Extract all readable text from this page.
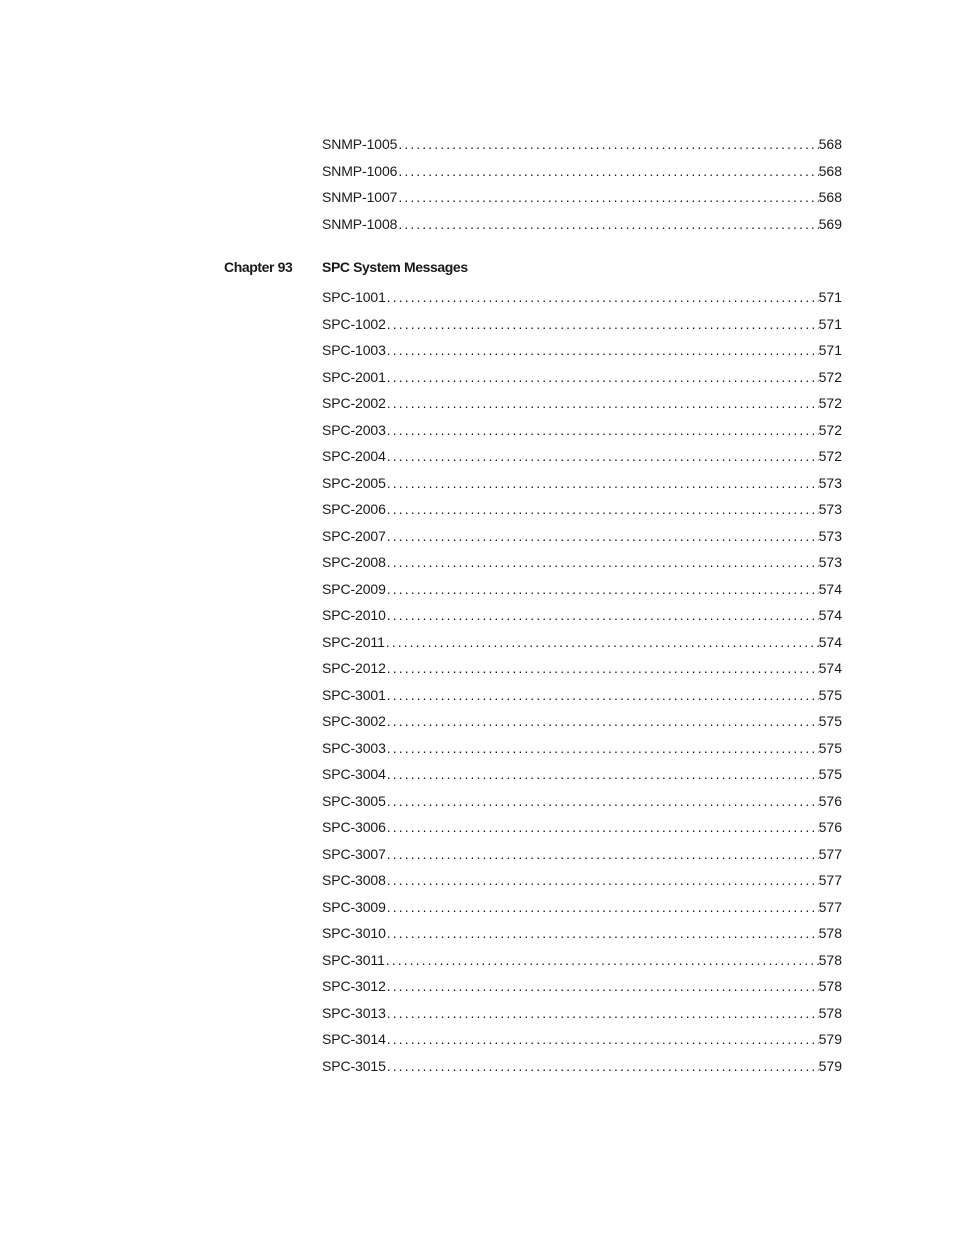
SNMP-1005 . . .	568
SNMP-1006 . . .	568
SNMP-1007 . . .	568
SNMP-1008 . . .	569
Chapter 93 SPC System Messages
SPC-1001 . . .	571
SPC-1002 . . .	571
SPC-1003 . . .	571
SPC-2001 . . .	572
SPC-2002 . . .	572
SPC-2003 . . .	572
SPC-2004 . . .	572
SPC-2005 . . .	573
SPC-2006 . . .	573
SPC-2007 . . .	573
SPC-2008 . . .	573
SPC-2009 . . .	574
SPC-2010 . . .	574
SPC-2011 . . .	574
SPC-2012 . . .	574
SPC-3001 . . .	575
SPC-3002 . . .	575
SPC-3003 . . .	575
SPC-3004 . . .	575
SPC-3005 . . .	576
SPC-3006 . . .	576
SPC-3007 . . .	577
SPC-3008 . . .	577
SPC-3009 . . .	577
SPC-3010 . . .	578
SPC-3011 . . .	578
SPC-3012 . . .	578
SPC-3013 . . .	578
SPC-3014 . . .	579
SPC-3015 . . .	579
